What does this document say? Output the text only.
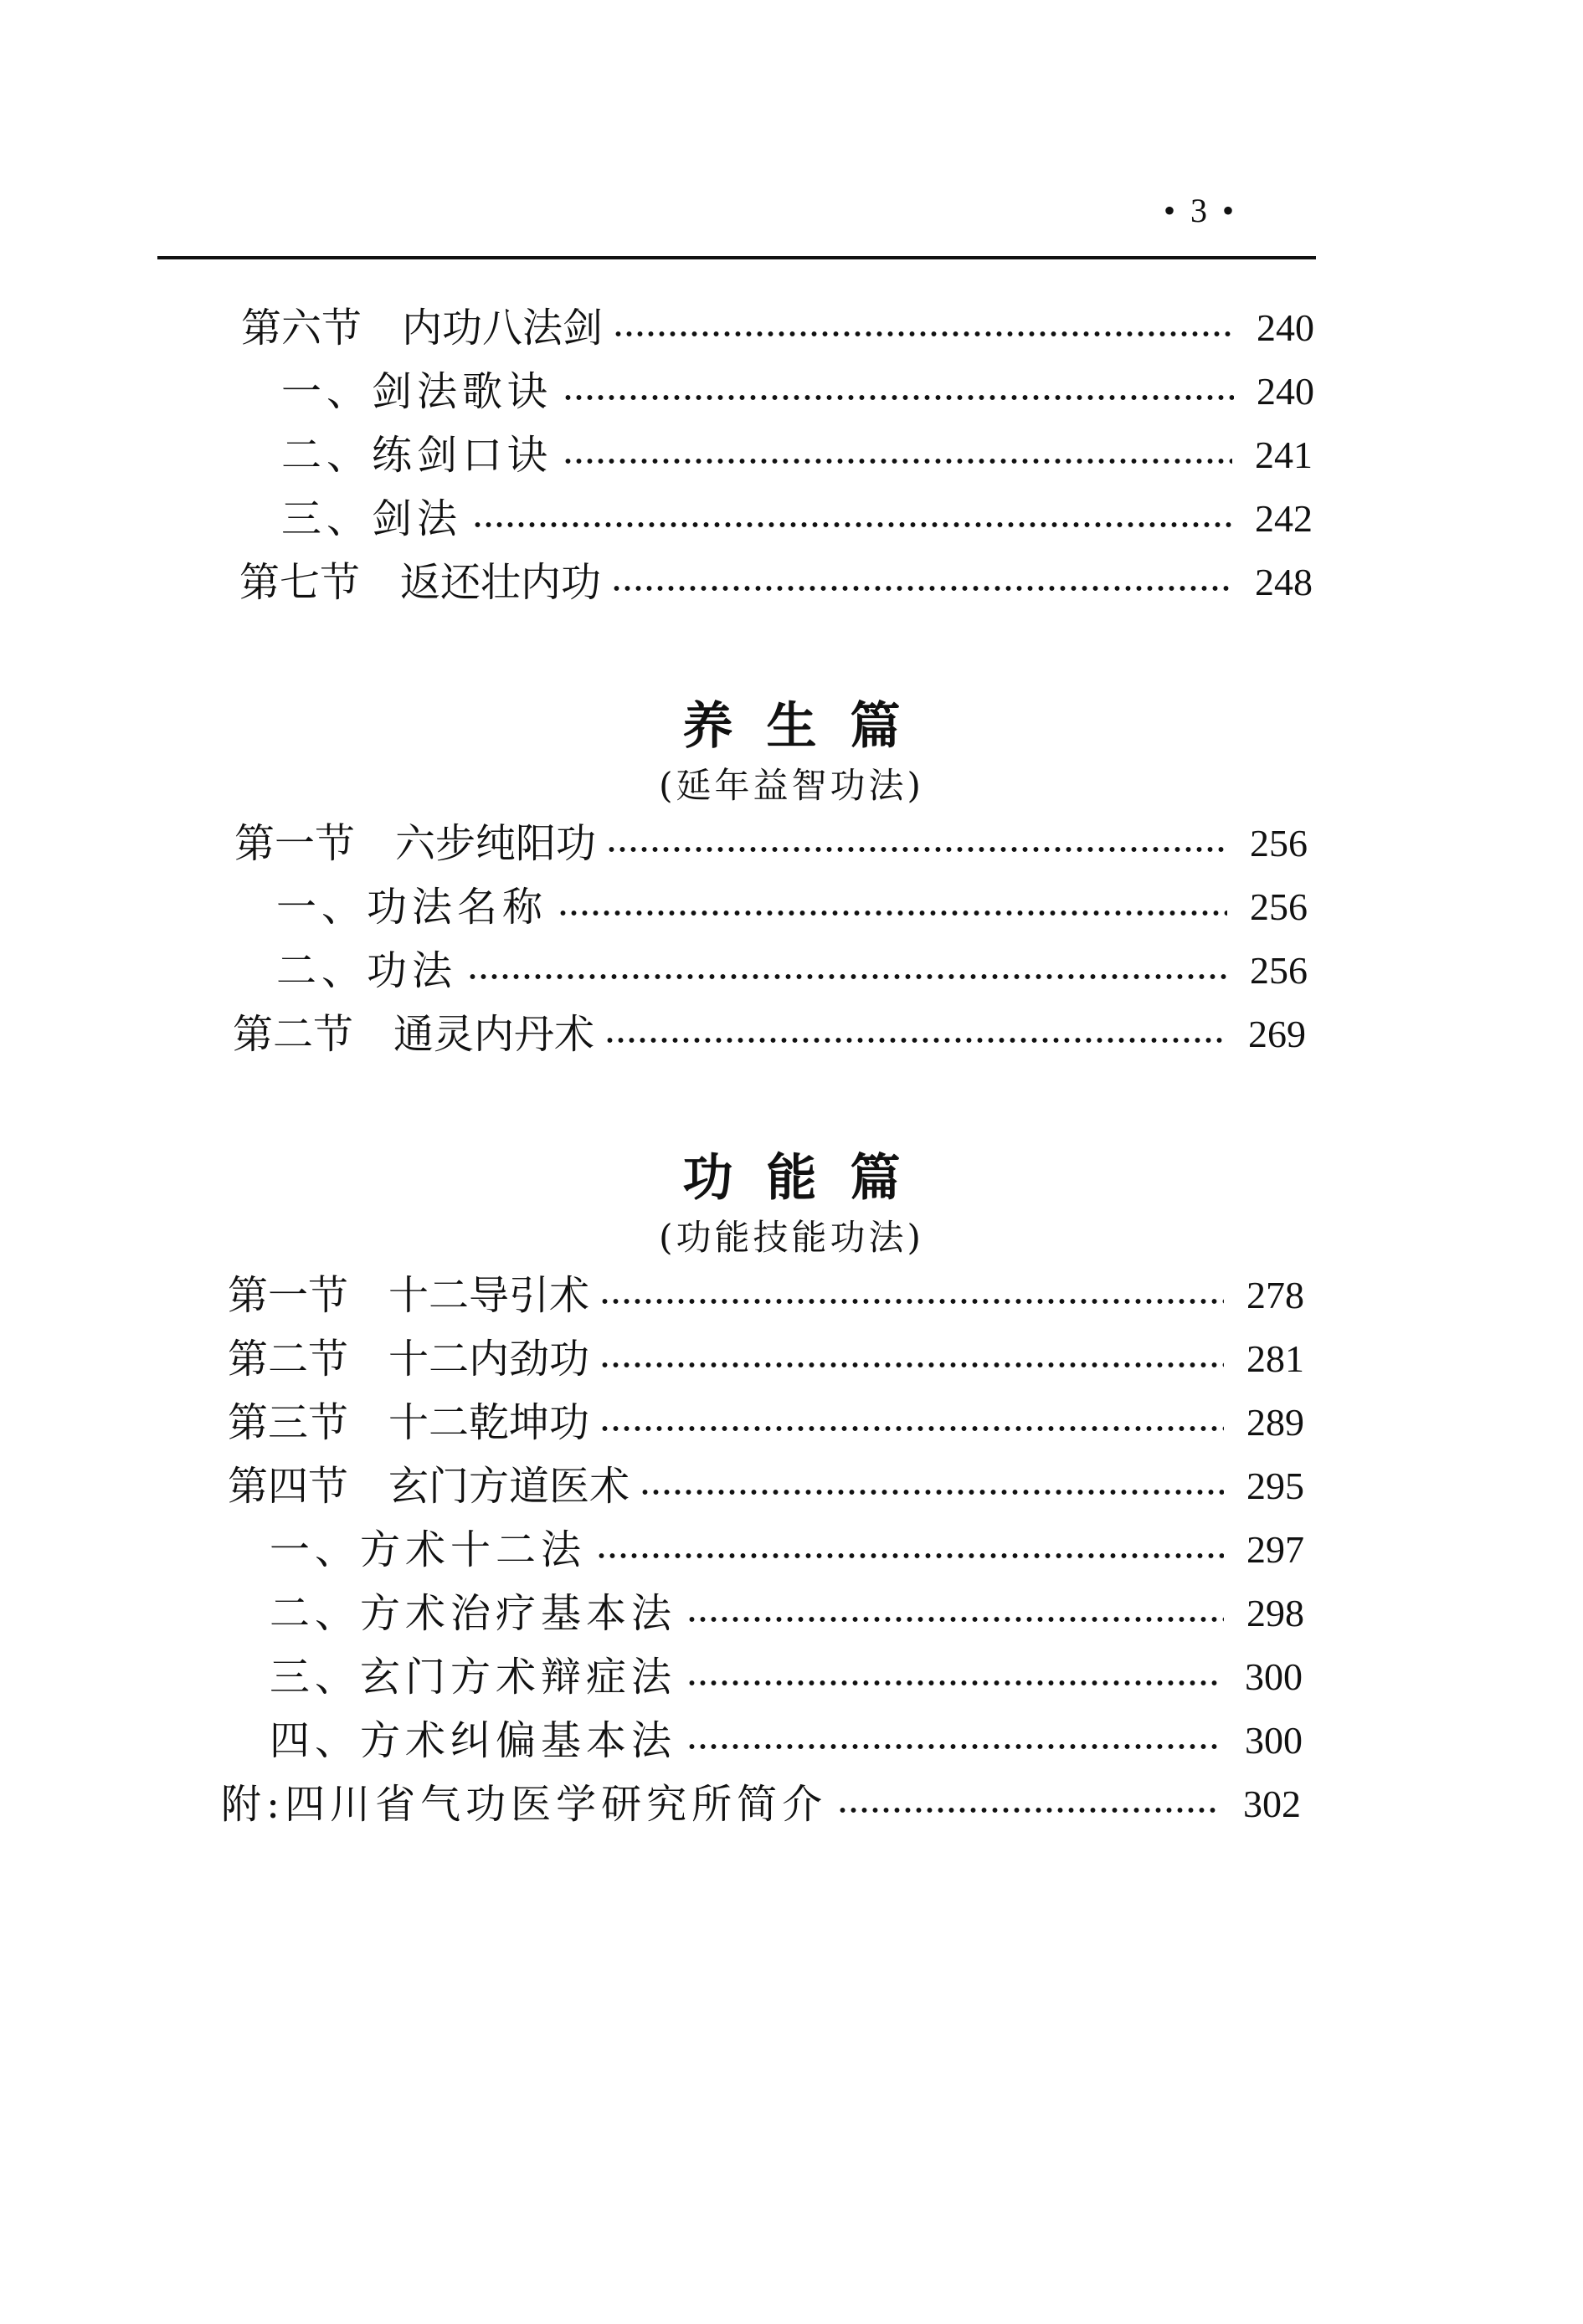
• 3 •
第六节　内功八法剑	240
一、剑法歌诀	240
二、练剑口诀	241
三、剑法	242
第七节　返还壮内功	248
养生篇
(延年益智功法)
第一节　六步纯阳功	256
一、功法名称	256
二、功法	256
第二节　通灵内丹术	269
功能篇
(功能技能功法)
第一节　十二导引术	278
第二节　十二内劲功	281
第三节　十二乾坤功	289
第四节　玄门方道医术	295
一、方术十二法	297
二、方术治疗基本法	298
三、玄门方术辩症法	300
四、方术纠偏基本法	300
附:四川省气功医学研究所简介	302
